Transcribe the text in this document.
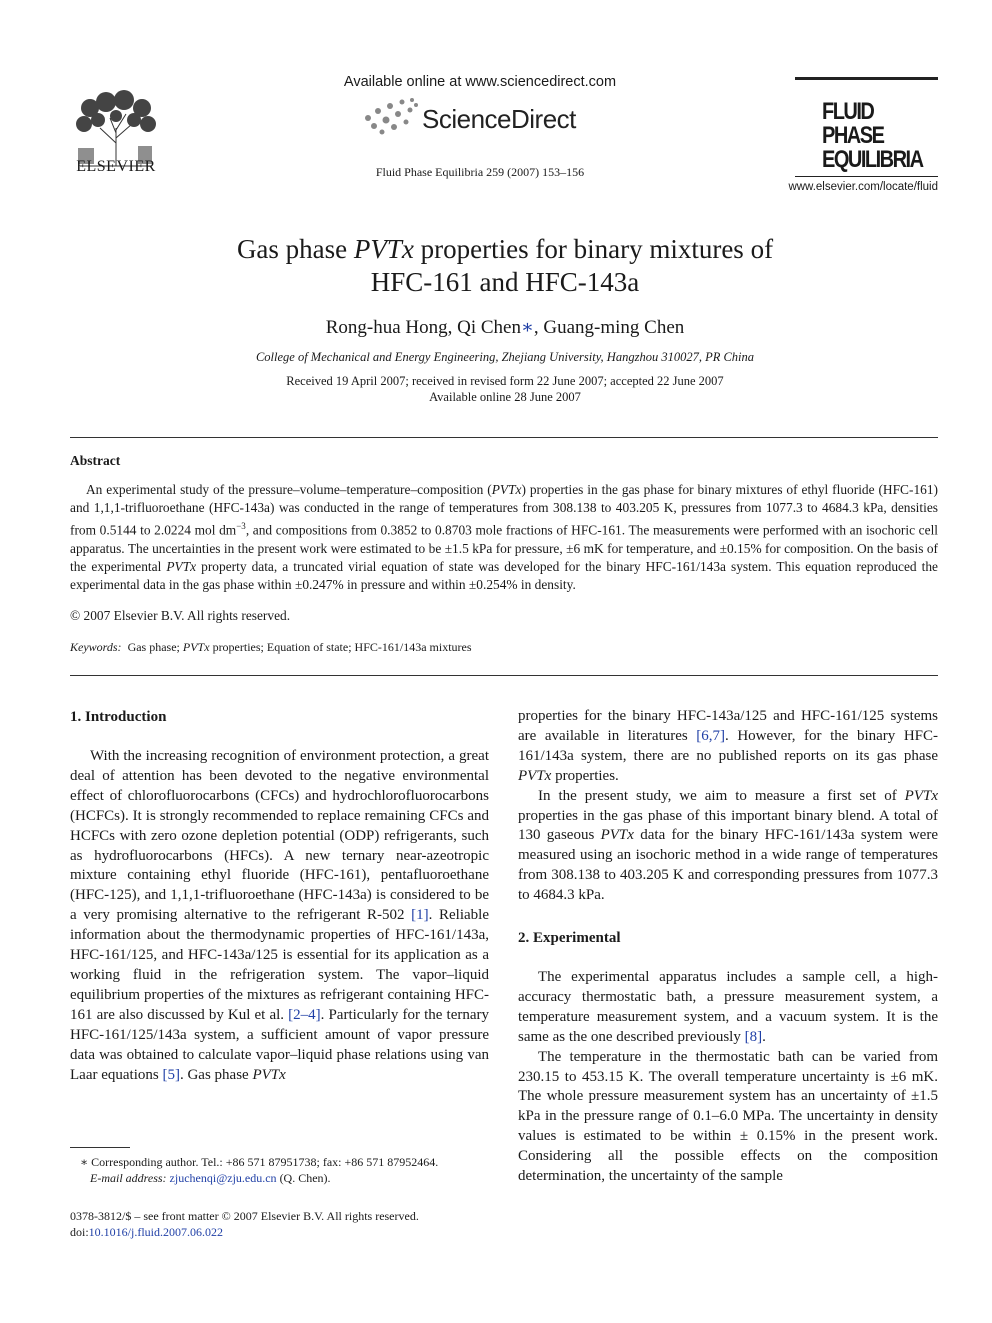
ELSEVIER
Available online at www.sciencedirect.com
ScienceDirect
Fluid Phase Equilibria 259 (2007) 153–156
FLUID PHASE
EQUILIBRIA
www.elsevier.com/locate/fluid
Gas phase PVTx properties for binary mixtures of
HFC-161 and HFC-143a
Rong-hua Hong, Qi Chen∗, Guang-ming Chen
College of Mechanical and Energy Engineering, Zhejiang University, Hangzhou 310027, PR China
Received 19 April 2007; received in revised form 22 June 2007; accepted 22 June 2007
Available online 28 June 2007
Abstract
An experimental study of the pressure–volume–temperature–composition (PVTx) properties in the gas phase for binary mixtures of ethyl fluoride (HFC-161) and 1,1,1-trifluoroethane (HFC-143a) was conducted in the range of temperatures from 308.138 to 403.205 K, pressures from 1077.3 to 4684.3 kPa, densities from 0.5144 to 2.0224 mol $dm^{-3}$, and compositions from 0.3852 to 0.8703 mole fractions of HFC-161. The measurements were performed with an isochoric cell apparatus. The uncertainties in the present work were estimated to be ±1.5 kPa for pressure, ±6 mK for temperature, and ±0.15% for composition. On the basis of the experimental PVTx property data, a truncated virial equation of state was developed for the binary HFC-161/143a system. This equation reproduced the experimental data in the gas phase within ±0.247% in pressure and within ±0.254% in density.
© 2007 Elsevier B.V. All rights reserved.
Keywords: Gas phase; PVTx properties; Equation of state; HFC-161/143a mixtures
1. Introduction

With the increasing recognition of environment protection, a great deal of attention has been devoted to the negative environmental effect of chlorofluorocarbons (CFCs) and hydrochlorofluorocarbons (HCFCs). It is strongly recommended to replace remaining CFCs and HCFCs with zero ozone depletion potential (ODP) refrigerants, such as hydrofluorocarbons (HFCs). A new ternary near-azeotropic mixture containing ethyl fluoride (HFC-161), pentafluoroethane (HFC-125), and 1,1,1-trifluoroethane (HFC-143a) is considered to be a very promising alternative to the refrigerant R-502 [1]. Reliable information about the thermodynamic properties of HFC-161/143a, HFC-161/125, and HFC-143a/125 is essential for its application as a working fluid in the refrigeration system. The vapor–liquid equilibrium properties of the mixtures as refrigerant containing HFC-161 are also discussed by Kul et al. [2–4]. Particularly for the ternary HFC-161/125/143a system, a sufficient amount of vapor pressure data was obtained to calculate vapor–liquid phase relations using van Laar equations [5]. Gas phase PVTx

∗ Corresponding author. Tel.: +86 571 87951738; fax: +86 571 87952464.
E-mail address: zjuchenqi@zju.edu.cn (Q. Chen).
0378-3812/$ – see front matter © 2007 Elsevier B.V. All rights reserved.
doi:10.1016/j.fluid.2007.06.022

properties for the binary HFC-143a/125 and HFC-161/125 systems are available in literatures [6,7]. However, for the binary HFC-161/143a system, there are no published reports on its gas phase PVTx properties.

In the present study, we aim to measure a first set of PVTx properties in the gas phase of this important binary blend. A total of 130 gaseous PVTx data for the binary HFC-161/143a system were measured using an isochoric method in a wide range of temperatures from 308.138 to 403.205 K and corresponding pressures from 1077.3 to 4684.3 kPa.

2. Experimental

The experimental apparatus includes a sample cell, a high-accuracy thermostatic bath, a pressure measurement system, a temperature measurement system, and a vacuum system. It is the same as the one described previously [8].

The temperature in the thermostatic bath can be varied from 230.15 to 453.15 K. The overall temperature uncertainty is ±6 mK. The whole pressure measurement system has an uncertainty of ±1.5 kPa in the pressure range of 0.1–6.0 MPa. The uncertainty in density values is estimated to be within ± 0.15% in the present work. Considering all the possible effects on the composition determination, the uncertainty of the sample
